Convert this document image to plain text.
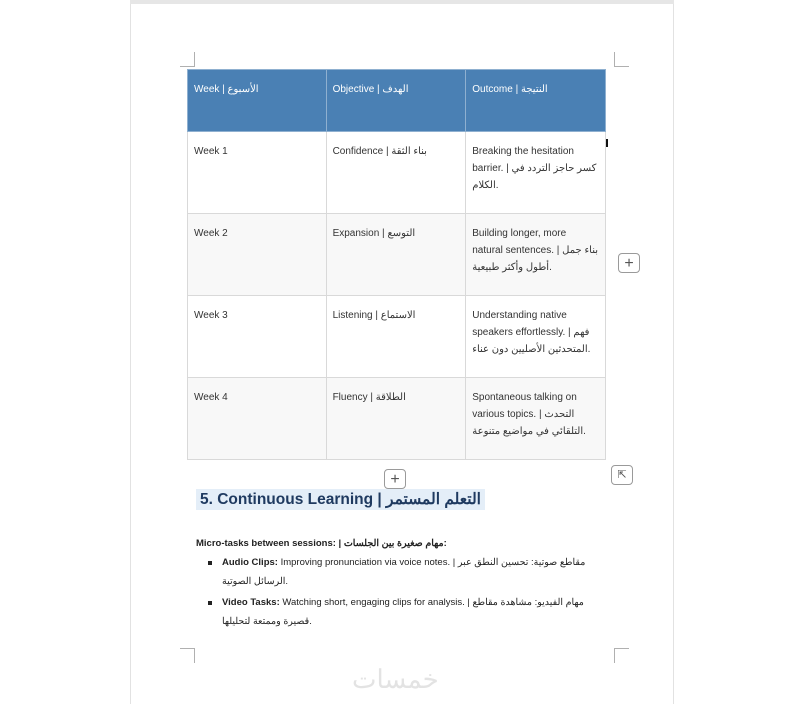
Week | الأسبوع	Objective | الهدف	Outcome | النتيجة
Week 1	Confidence | بناء الثقة	Breaking the hesitation barrier. | كسر حاجز التردد في الكلام.
Week 2	Expansion | التوسع	Building longer, more natural sentences. | بناء جمل أطول وأكثر طبيعية.
Week 3	Listening | الاستماع	Understanding native speakers effortlessly. | فهم المتحدثين الأصليين دون عناء.
Week 4	Fluency | الطلاقة	Spontaneous talking on various topics. | التحدث التلقائي في مواضيع متنوعة.
+
+	⇱
5. Continuous Learning | التعلم المستمر
Micro-tasks between sessions: | مهام صغيرة بين الجلسات:
Audio Clips: Improving pronunciation via voice notes. | مقاطع صوتية: تحسين النطق عبر الرسائل الصوتية.
Video Tasks: Watching short, engaging clips for analysis. | مهام الفيديو: مشاهدة مقاطع قصيرة وممتعة لتحليلها.
خمسات
